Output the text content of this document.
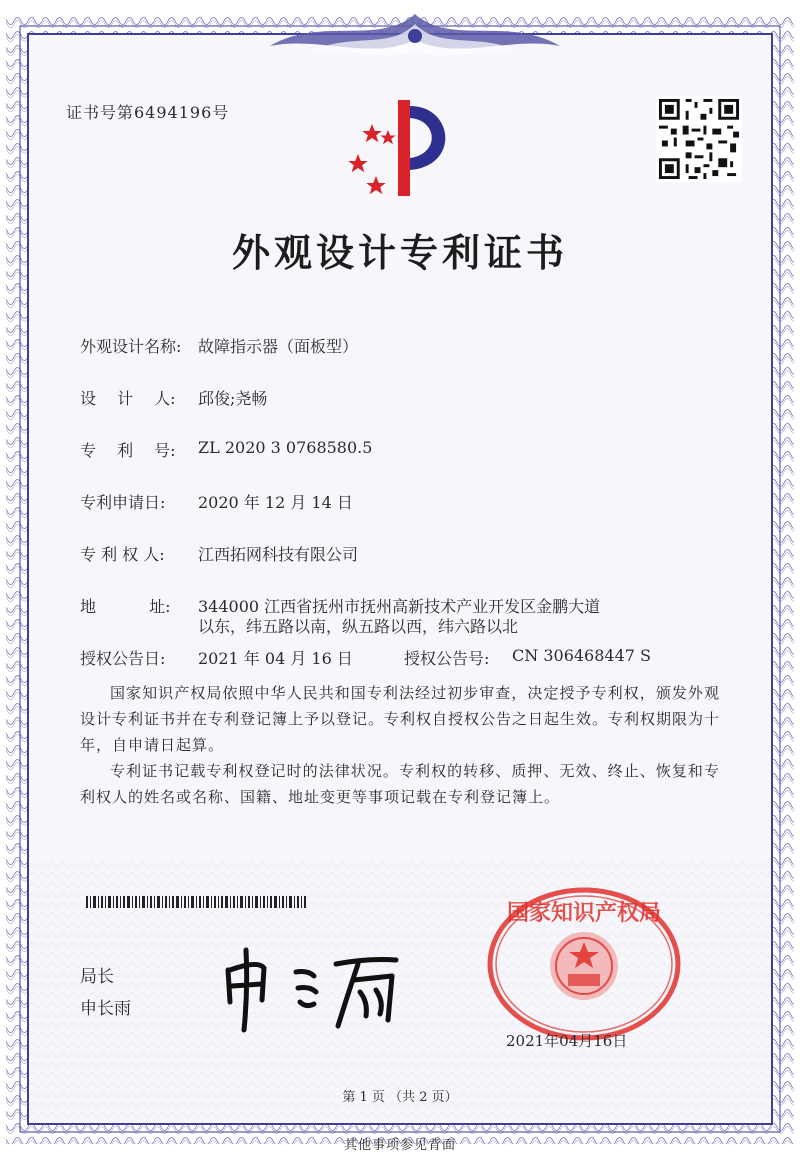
证书号第6494196号
外观设计专利证书
外观设计名称: 故障指示器（面板型）
设　 计　 人: 邱俊;尧畅
专　 利　 号: ZL 2020 3 0768580.5
专利申请日: 2020 年 12 月 14 日
专 利 权 人: 江西拓网科技有限公司
地　　　 址: 344000 江西省抚州市抚州高新技术产业开发区金鹏大道
以东，纬五路以南，纵五路以西，纬六路以北
授权公告日: 2021 年 04 月 16 日	授权公告号: CN 306468447 S

国家知识产权局依照中华人民共和国专利法经过初步审查，决定授予专利权，颁发外观设计专利证书并在专利登记簿上予以登记。专利权自授权公告之日起生效。专利权期限为十年，自申请日起算。

专利证书记载专利权登记时的法律状况。专利权的转移、质押、无效、终止、恢复和专利权人的姓名或名称、国籍、地址变更等事项记载在专利登记簿上。

局长
申长雨
国家知识产权局
2021年04月16日
第 1 页 （共 2 页）
其他事项参见背面
